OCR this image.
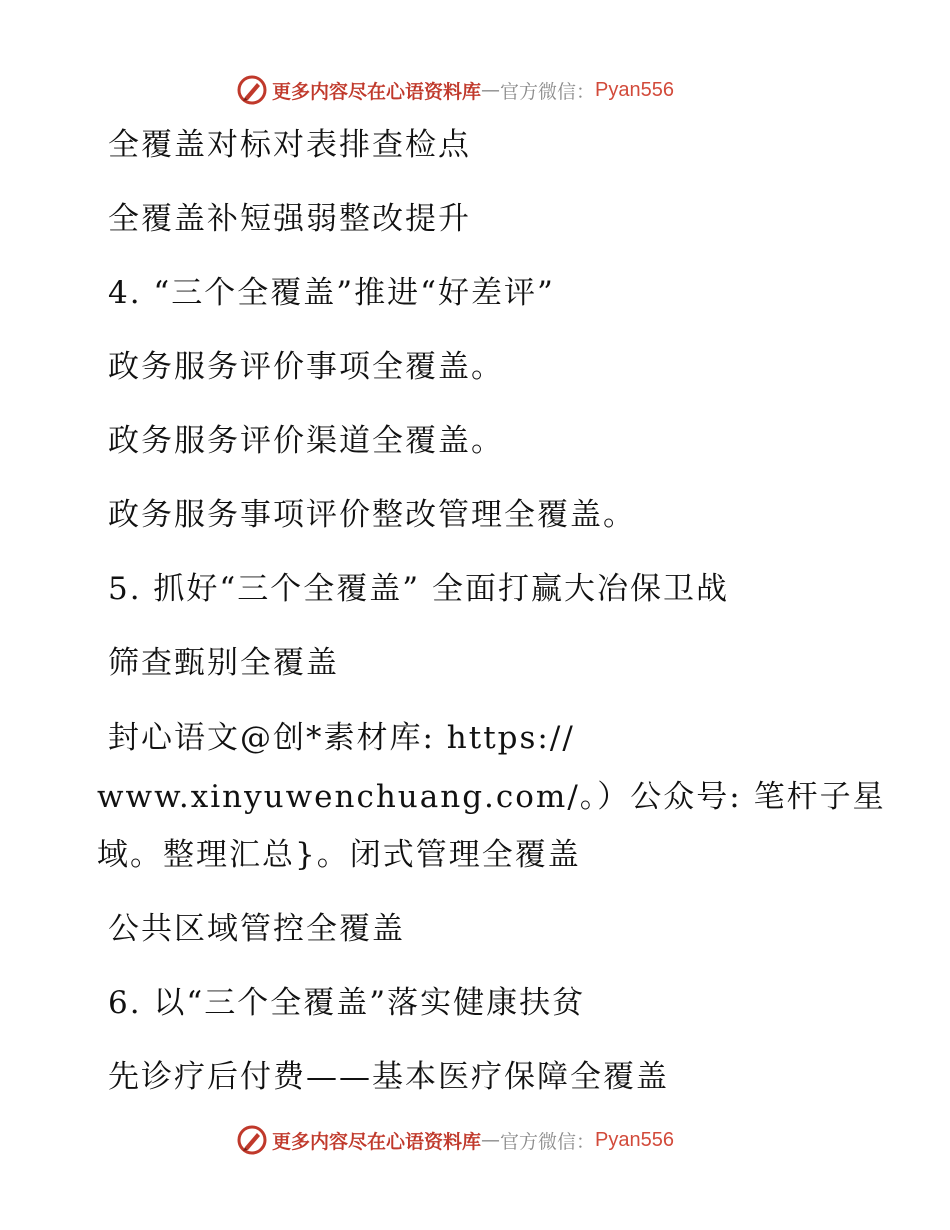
更多内容尽在心语资料库 — 官方微信： Pyan556
全覆盖对标对表排查检点
全覆盖补短强弱整改提升
4. “三个全覆盖”推进“好差评”
政务服务评价事项全覆盖。
政务服务评价渠道全覆盖。
政务服务事项评价整改管理全覆盖。
5. 抓好“三个全覆盖” 全面打赢大冶保卫战
筛查甄别全覆盖
封心语文@创*素材库: https://
www.xinyuwenchuang.com/。）公众号: 笔杆子星
域。整理汇总}。闭式管理全覆盖
公共区域管控全覆盖
6. 以“三个全覆盖”落实健康扶贫
先诊疗后付费——基本医疗保障全覆盖
更多内容尽在心语资料库 — 官方微信： Pyan556
